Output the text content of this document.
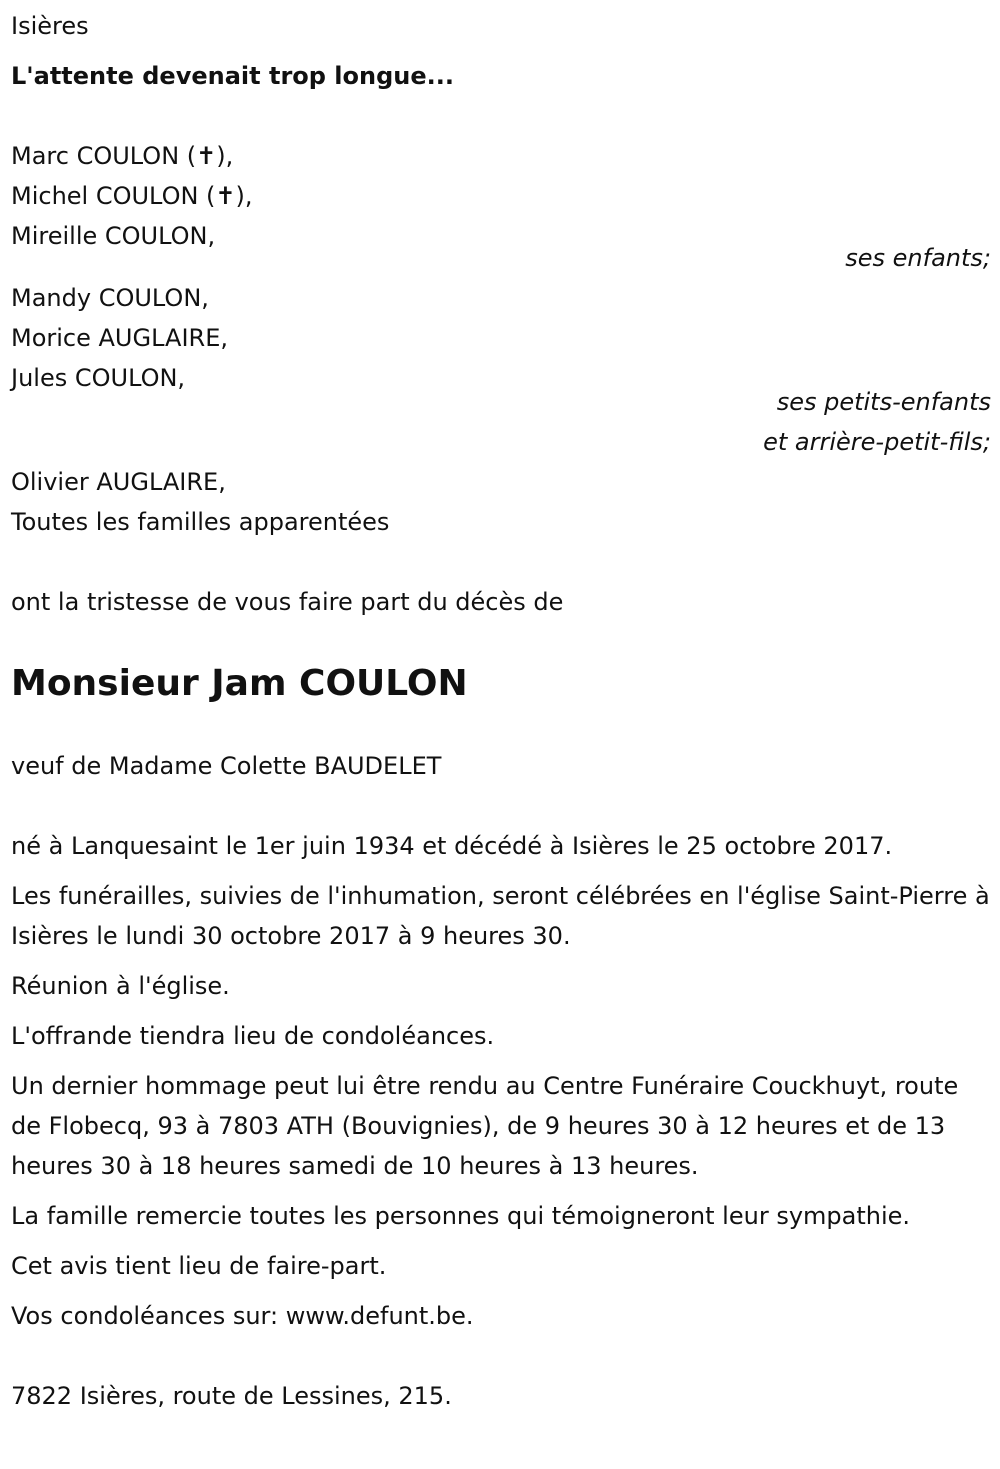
Isières
L'attente devenait trop longue...
Marc COULON (✝),
Michel COULON (✝),
Mireille COULON,
ses enfants;
Mandy COULON,
Morice AUGLAIRE,
Jules COULON,
ses petits-enfants
et arrière-petit-fils;
Olivier AUGLAIRE,
Toutes les familles apparentées
ont la tristesse de vous faire part du décès de
Monsieur Jam COULON
veuf de Madame Colette BAUDELET
né à Lanquesaint le 1er juin 1934 et décédé à Isières le 25 octobre 2017.
Les funérailles, suivies de l'inhumation, seront célébrées en l'église Saint-Pierre à Isières le lundi 30 octobre 2017 à 9 heures 30.
Réunion à l'église.
L'offrande tiendra lieu de condoléances.
Un dernier hommage peut lui être rendu au Centre Funéraire Couckhuyt, route de Flobecq, 93 à 7803 ATH (Bouvignies), de 9 heures 30 à 12 heures et de 13 heures 30 à 18 heures samedi de 10 heures à 13 heures.
La famille remercie toutes les personnes qui témoigneront leur sympathie.
Cet avis tient lieu de faire-part.
Vos condoléances sur: www.defunt.be.
7822 Isières, route de Lessines, 215.
